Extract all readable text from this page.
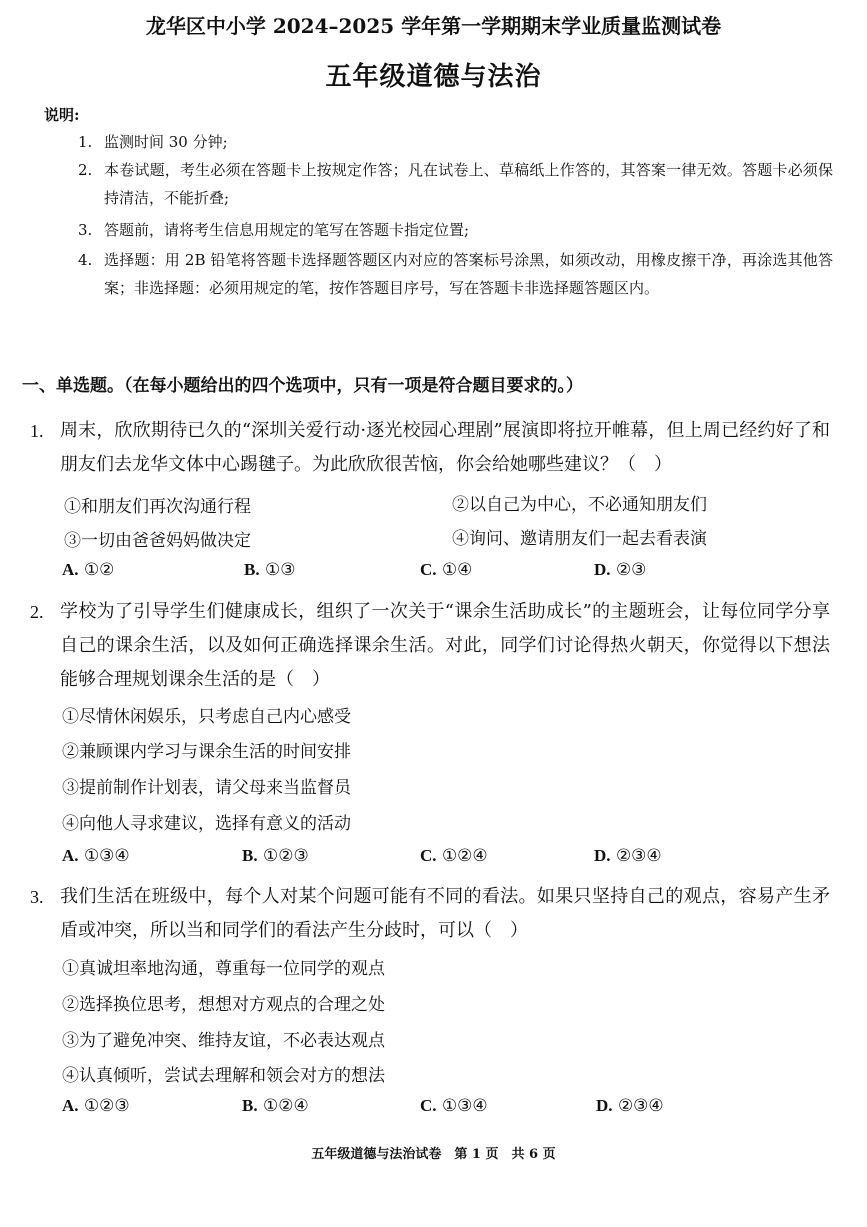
龙华区中小学 2024–2025 学年第一学期期末学业质量监测试卷
五年级道德与法治
说明:
1. 监测时间 30 分钟;
2. 本卷试题，考生必须在答题卡上按规定作答；凡在试卷上、草稿纸上作答的，其答案一律无效。答题卡必须保持清洁，不能折叠;
3. 答题前，请将考生信息用规定的笔写在答题卡指定位置;
4. 选择题：用 2B 铅笔将答题卡选择题答题区内对应的答案标号涂黑，如须改动，用橡皮擦干净，再涂选其他答案；非选择题：必须用规定的笔，按作答题目序号，写在答题卡非选择题答题区内。
一、单选题。（在每小题给出的四个选项中，只有一项是符合题目要求的。）
1. 周末，欣欣期待已久的“深圳关爱行动·逐光校园心理剧”展演即将拉开帷幕，但上周已经约好了和朋友们去龙华文体中心踢毽子。为此欣欣很苦恼，你会给她哪些建议？（　）
①和朋友们再次沟通行程	②以自己为中心，不必通知朋友们
③一切由爸爸妈妈做决定	④询问、邀请朋友们一起去看表演
A. ①②	B. ①③	C. ①④	D. ②③
2. 学校为了引导学生们健康成长，组织了一次关于“课余生活助成长”的主题班会，让每位同学分享自己的课余生活，以及如何正确选择课余生活。对此，同学们讨论得热火朝天，你觉得以下想法能够合理规划课余生活的是（　）
①尽情休闲娱乐，只考虑自己内心感受
②兼顾课内学习与课余生活的时间安排
③提前制作计划表，请父母来当监督员
④向他人寻求建议，选择有意义的活动
A. ①③④	B. ①②③	C. ①②④	D. ②③④
3. 我们生活在班级中，每个人对某个问题可能有不同的看法。如果只坚持自己的观点，容易产生矛盾或冲突，所以当和同学们的看法产生分歧时，可以（　）
①真诚坦率地沟通，尊重每一位同学的观点
②选择换位思考，想想对方观点的合理之处
③为了避免冲突、维持友谊，不必表达观点
④认真倾听，尝试去理解和领会对方的想法
A. ①②③	B. ①②④	C. ①③④	D. ②③④
五年级道德与法治试卷　第 1 页　共 6 页
